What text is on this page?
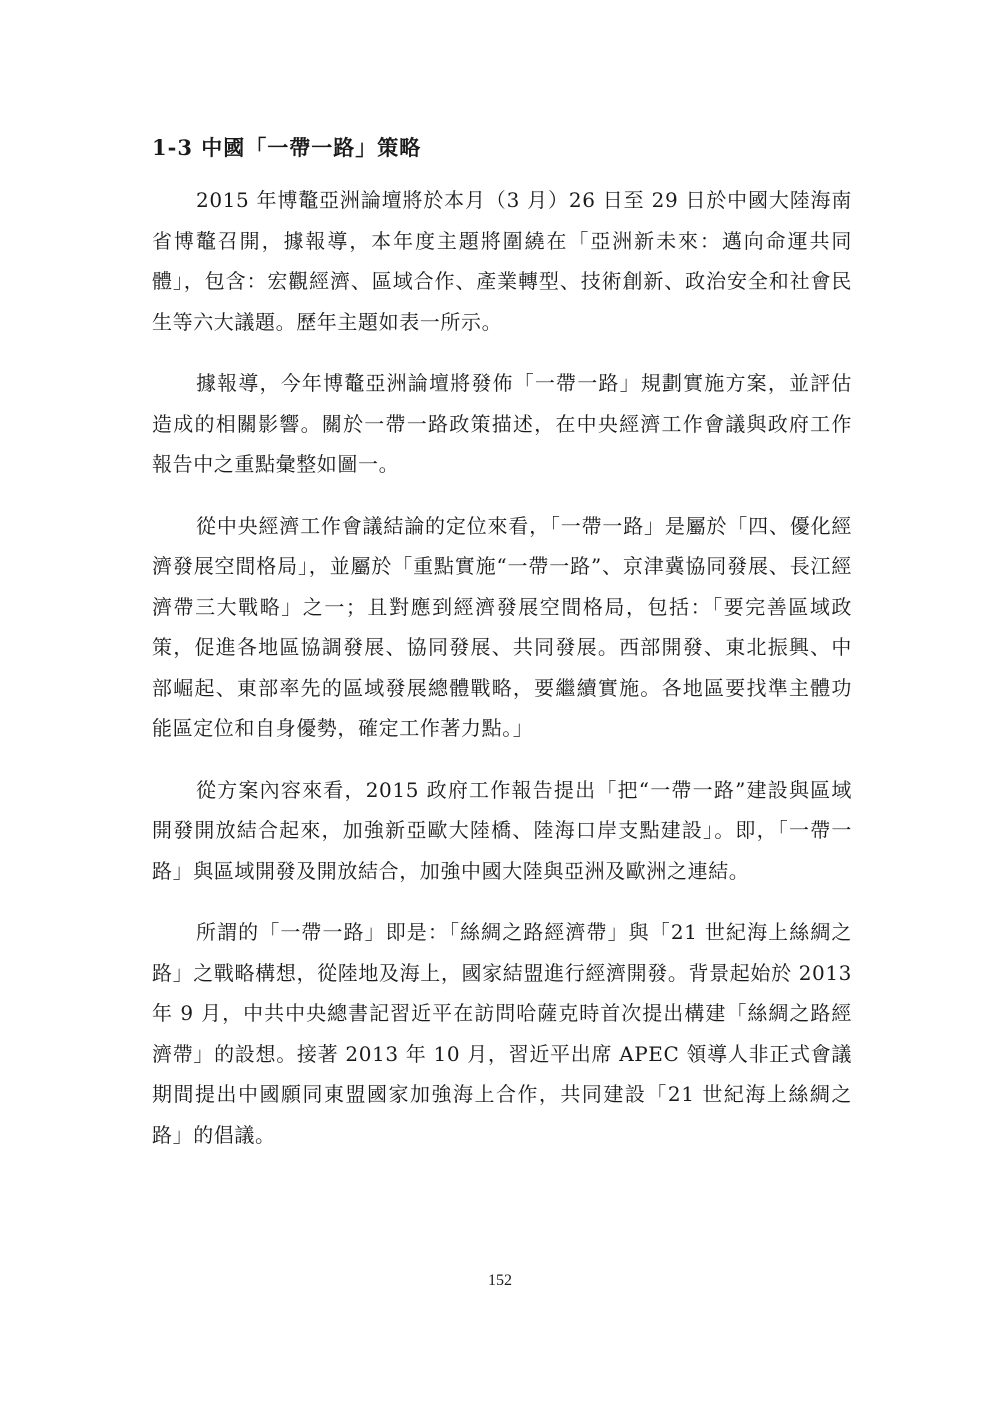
1-3 中國「一帶一路」策略

2015 年博鼇亞洲論壇將於本月（3 月）26 日至 29 日於中國大陸海南省博鼇召開，據報導，本年度主題將圍繞在「亞洲新未來：邁向命運共同體」，包含：宏觀經濟、區域合作、產業轉型、技術創新、政治安全和社會民生等六大議題。歷年主題如表一所示。

據報導，今年博鼇亞洲論壇將發佈「一帶一路」規劃實施方案，並評估造成的相關影響。關於一帶一路政策描述，在中央經濟工作會議與政府工作報告中之重點彙整如圖一。

從中央經濟工作會議結論的定位來看，「一帶一路」是屬於「四、優化經濟發展空間格局」，並屬於「重點實施“一帶一路”、京津冀協同發展、長江經濟帶三大戰略」之一；且對應到經濟發展空間格局，包括：「要完善區域政策，促進各地區協調發展、協同發展、共同發展。西部開發、東北振興、中部崛起、東部率先的區域發展總體戰略，要繼續實施。各地區要找準主體功能區定位和自身優勢，確定工作著力點。」

從方案內容來看，2015 政府工作報告提出「把“一帶一路”建設與區域開發開放結合起來，加強新亞歐大陸橋、陸海口岸支點建設」。即，「一帶一路」與區域開發及開放結合，加強中國大陸與亞洲及歐洲之連結。

所謂的「一帶一路」即是：「絲綢之路經濟帶」與「21 世紀海上絲綢之路」之戰略構想，從陸地及海上，國家結盟進行經濟開發。背景起始於 2013 年 9 月，中共中央總書記習近平在訪問哈薩克時首次提出構建「絲綢之路經濟帶」的設想。接著 2013 年 10 月，習近平出席 APEC 領導人非正式會議期間提出中國願同東盟國家加強海上合作，共同建設「21 世紀海上絲綢之路」的倡議。

152
